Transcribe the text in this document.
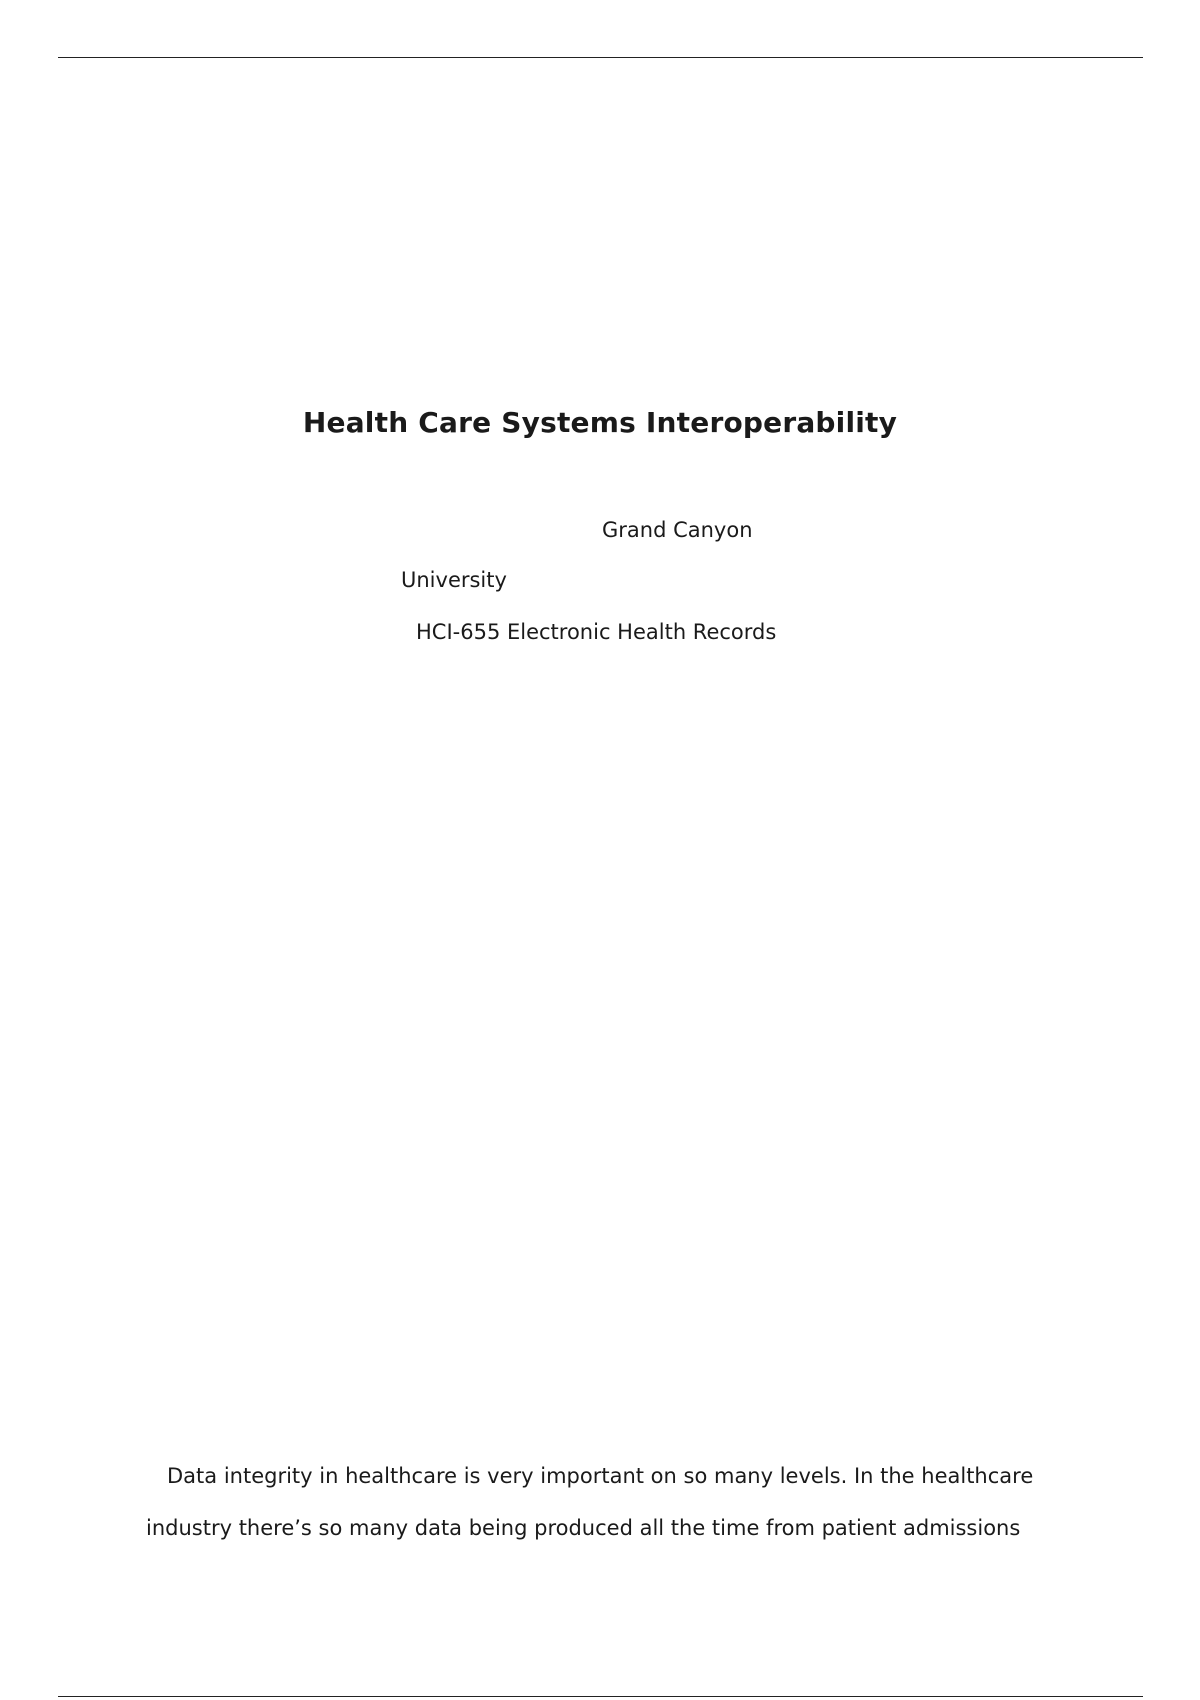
Health Care Systems Interoperability
Grand Canyon
University
HCI-655 Electronic Health Records
Data integrity in healthcare is very important on so many levels. In the healthcare
industry there’s so many data being produced all the time from patient admissions
